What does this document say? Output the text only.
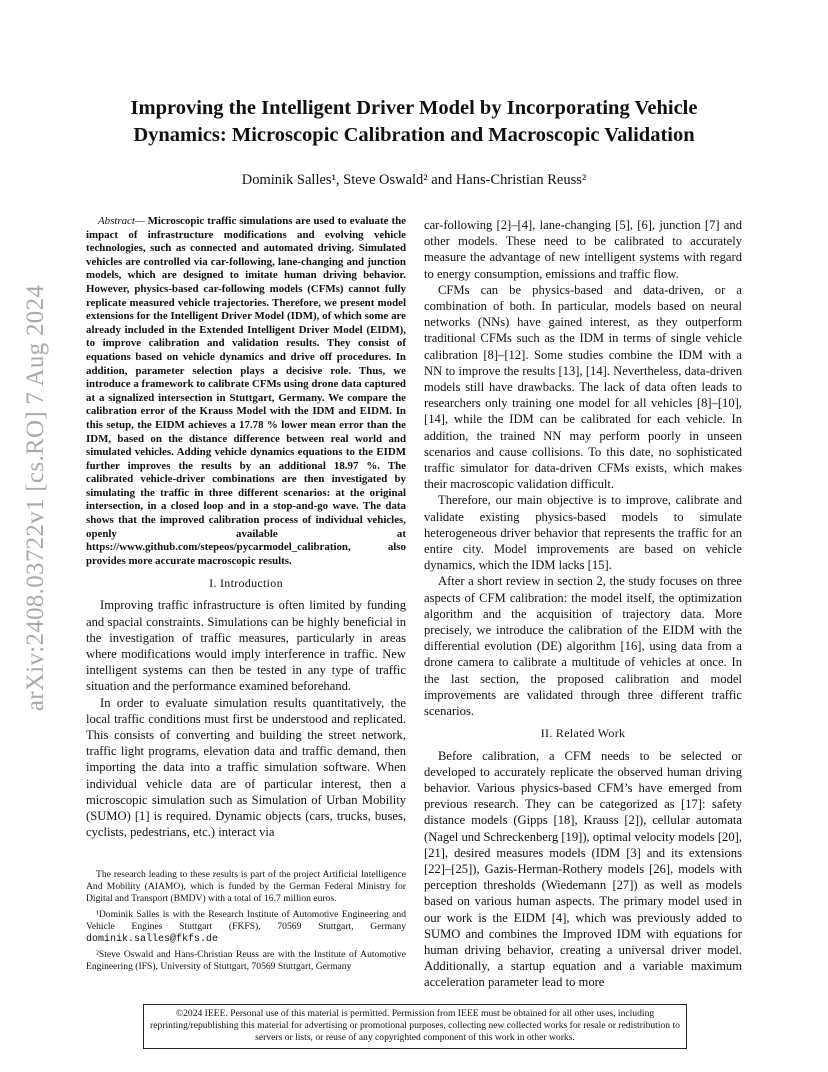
arXiv:2408.03722v1 [cs.RO] 7 Aug 2024
Improving the Intelligent Driver Model by Incorporating Vehicle Dynamics: Microscopic Calibration and Macroscopic Validation
Dominik Salles¹, Steve Oswald² and Hans-Christian Reuss²

Abstract— Microscopic traffic simulations are used to evaluate the impact of infrastructure modifications and evolving vehicle technologies, such as connected and automated driving. Simulated vehicles are controlled via car-following, lane-changing and junction models, which are designed to imitate human driving behavior. However, physics-based car-following models (CFMs) cannot fully replicate measured vehicle trajectories. Therefore, we present model extensions for the Intelligent Driver Model (IDM), of which some are already included in the Extended Intelligent Driver Model (EIDM), to improve calibration and validation results. They consist of equations based on vehicle dynamics and drive off procedures. In addition, parameter selection plays a decisive role. Thus, we introduce a framework to calibrate CFMs using drone data captured at a signalized intersection in Stuttgart, Germany. We compare the calibration error of the Krauss Model with the IDM and EIDM. In this setup, the EIDM achieves a 17.78 % lower mean error than the IDM, based on the distance difference between real world and simulated vehicles. Adding vehicle dynamics equations to the EIDM further improves the results by an additional 18.97 %. The calibrated vehicle-driver combinations are then investigated by simulating the traffic in three different scenarios: at the original intersection, in a closed loop and in a stop-and-go wave. The data shows that the improved calibration process of individual vehicles, openly available at https://www.github.com/stepeos/pycarmodel_calibration, also provides more accurate macroscopic results.

I. Introduction

Improving traffic infrastructure is often limited by funding and spacial constraints. Simulations can be highly beneficial in the investigation of traffic measures, particularly in areas where modifications would imply interference in traffic. New intelligent systems can then be tested in any type of traffic situation and the performance examined beforehand.

In order to evaluate simulation results quantitatively, the local traffic conditions must first be understood and replicated. This consists of converting and building the street network, traffic light programs, elevation data and traffic demand, then importing the data into a traffic simulation software. When individual vehicle data are of particular interest, then a microscopic simulation such as Simulation of Urban Mobility (SUMO) [1] is required. Dynamic objects (cars, trucks, buses, cyclists, pedestrians, etc.) interact via

The research leading to these results is part of the project Artificial Intelligence And Mobility (AIAMO), which is funded by the German Federal Ministry for Digital and Transport (BMDV) with a total of 16.7 million euros.

¹Dominik Salles is with the Research Institute of Automotive Engineering and Vehicle Engines Stuttgart (FKFS), 70569 Stuttgart, Germany dominik.salles@fkfs.de

²Steve Oswald and Hans-Christian Reuss are with the Institute of Automotive Engineering (IFS), University of Stuttgart, 70569 Stuttgart, Germany

car-following [2]–[4], lane-changing [5], [6], junction [7] and other models. These need to be calibrated to accurately measure the advantage of new intelligent systems with regard to energy consumption, emissions and traffic flow.

CFMs can be physics-based and data-driven, or a combination of both. In particular, models based on neural networks (NNs) have gained interest, as they outperform traditional CFMs such as the IDM in terms of single vehicle calibration [8]–[12]. Some studies combine the IDM with a NN to improve the results [13], [14]. Nevertheless, data-driven models still have drawbacks. The lack of data often leads to researchers only training one model for all vehicles [8]–[10], [14], while the IDM can be calibrated for each vehicle. In addition, the trained NN may perform poorly in unseen scenarios and cause collisions. To this date, no sophisticated traffic simulator for data-driven CFMs exists, which makes their macroscopic validation difficult.

Therefore, our main objective is to improve, calibrate and validate existing physics-based models to simulate heterogeneous driver behavior that represents the traffic for an entire city. Model improvements are based on vehicle dynamics, which the IDM lacks [15].

After a short review in section 2, the study focuses on three aspects of CFM calibration: the model itself, the optimization algorithm and the acquisition of trajectory data. More precisely, we introduce the calibration of the EIDM with the differential evolution (DE) algorithm [16], using data from a drone camera to calibrate a multitude of vehicles at once. In the last section, the proposed calibration and model improvements are validated through three different traffic scenarios.

II. Related Work

Before calibration, a CFM needs to be selected or developed to accurately replicate the observed human driving behavior. Various physics-based CFM’s have emerged from previous research. They can be categorized as [17]: safety distance models (Gipps [18], Krauss [2]), cellular automata (Nagel und Schreckenberg [19]), optimal velocity models [20], [21], desired measures models (IDM [3] and its extensions [22]–[25]), Gazis-Herman-Rothery models [26], models with perception thresholds (Wiedemann [27]) as well as models based on various human aspects. The primary model used in our work is the EIDM [4], which was previously added to SUMO and combines the Improved IDM with equations for human driving behavior, creating a universal driver model. Additionally, a startup equation and a variable maximum acceleration parameter lead to more

©2024 IEEE. Personal use of this material is permitted. Permission from IEEE must be obtained for all other uses, including reprinting/republishing this material for advertising or promotional purposes, collecting new collected works for resale or redistribution to servers or lists, or reuse of any copyrighted component of this work in other works.
